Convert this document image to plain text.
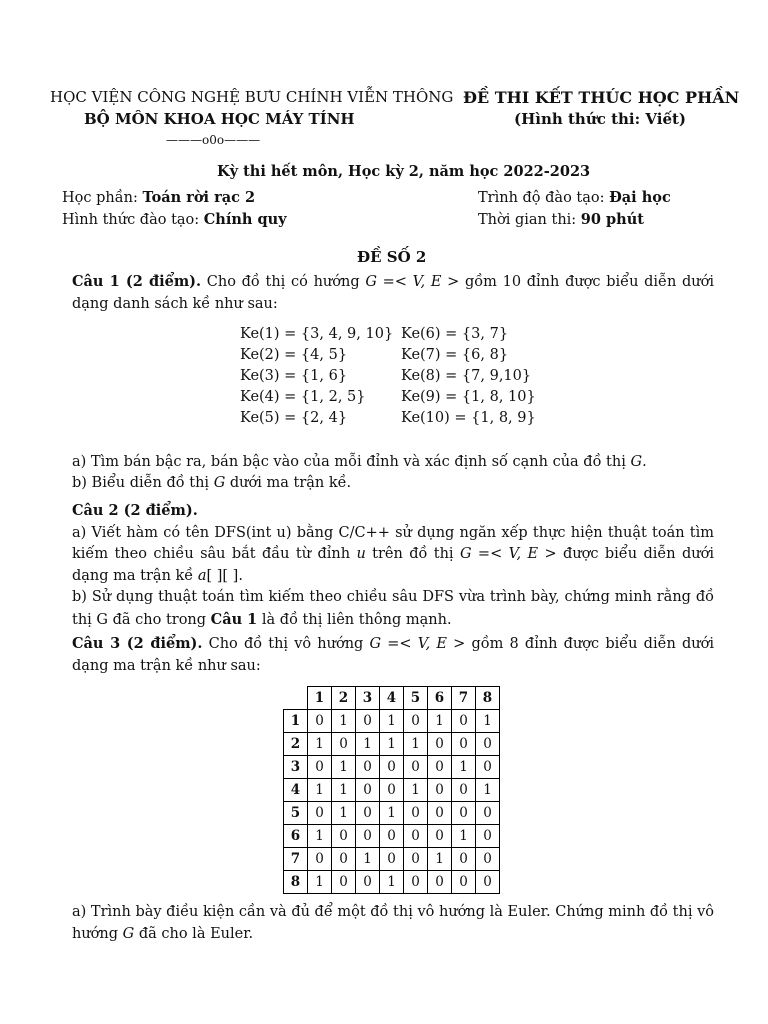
HỌC VIỆN CÔNG NGHỆ BƯU CHÍNH VIỄN THÔNG
BỘ MÔN KHOA HỌC MÁY TÍNH
———o0o———
ĐỀ THI KẾT THÚC HỌC PHẦN
(Hình thức thi: Viết)
Kỳ thi hết môn, Học kỳ 2, năm học 2022-2023
Học phần: Toán rời rạc 2	Trình độ đào tạo: Đại học
Hình thức đào tạo: Chính quy	Thời gian thi: 90 phút
ĐỀ SỐ 2

Câu 1 (2 điểm). Cho đồ thị có hướng G =< V, E > gồm 10 đỉnh được biểu diễn dưới dạng danh sách kề như sau:

Ke(1) = {3, 4, 9, 10}
Ke(2) = {4, 5}
Ke(3) = {1, 6}
Ke(4) = {1, 2, 5}
Ke(5) = {2, 4}
Ke(6) = {3, 7}
Ke(7) = {6, 8}
Ke(8) = {7, 9,10}
Ke(9) = {1, 8, 10}
Ke(10) = {1, 8, 9}

a) Tìm bán bậc ra, bán bậc vào của mỗi đỉnh và xác định số cạnh của đồ thị G.

b) Biểu diễn đồ thị G dưới ma trận kề.

Câu 2 (2 điểm).

a) Viết hàm có tên DFS(int u) bằng C/C++ sử dụng ngăn xếp thực hiện thuật toán tìm kiếm theo chiều sâu bắt đầu từ đỉnh u trên đồ thị G =< V, E > được biểu diễn dưới dạng ma trận kề a[ ][ ].

b) Sử dụng thuật toán tìm kiếm theo chiều sâu DFS vừa trình bày, chứng minh rằng đồ thị G đã cho trong Câu 1 là đồ thị liên thông mạnh.

Câu 3 (2 điểm). Cho đồ thị vô hướng G =< V, E > gồm 8 đỉnh được biểu diễn dưới dạng ma trận kề như sau:

	1	2	3	4	5	6	7	8
1	0	1	0	1	0	1	0	1
2	1	0	1	1	1	0	0	0
3	0	1	0	0	0	0	1	0
4	1	1	0	0	1	0	0	1
5	0	1	0	1	0	0	0	0
6	1	0	0	0	0	0	1	0
7	0	0	1	0	0	1	0	0
8	1	0	0	1	0	0	0	0

a) Trình bày điều kiện cần và đủ để một đồ thị vô hướng là Euler. Chứng minh đồ thị vô hướng G đã cho là Euler.
